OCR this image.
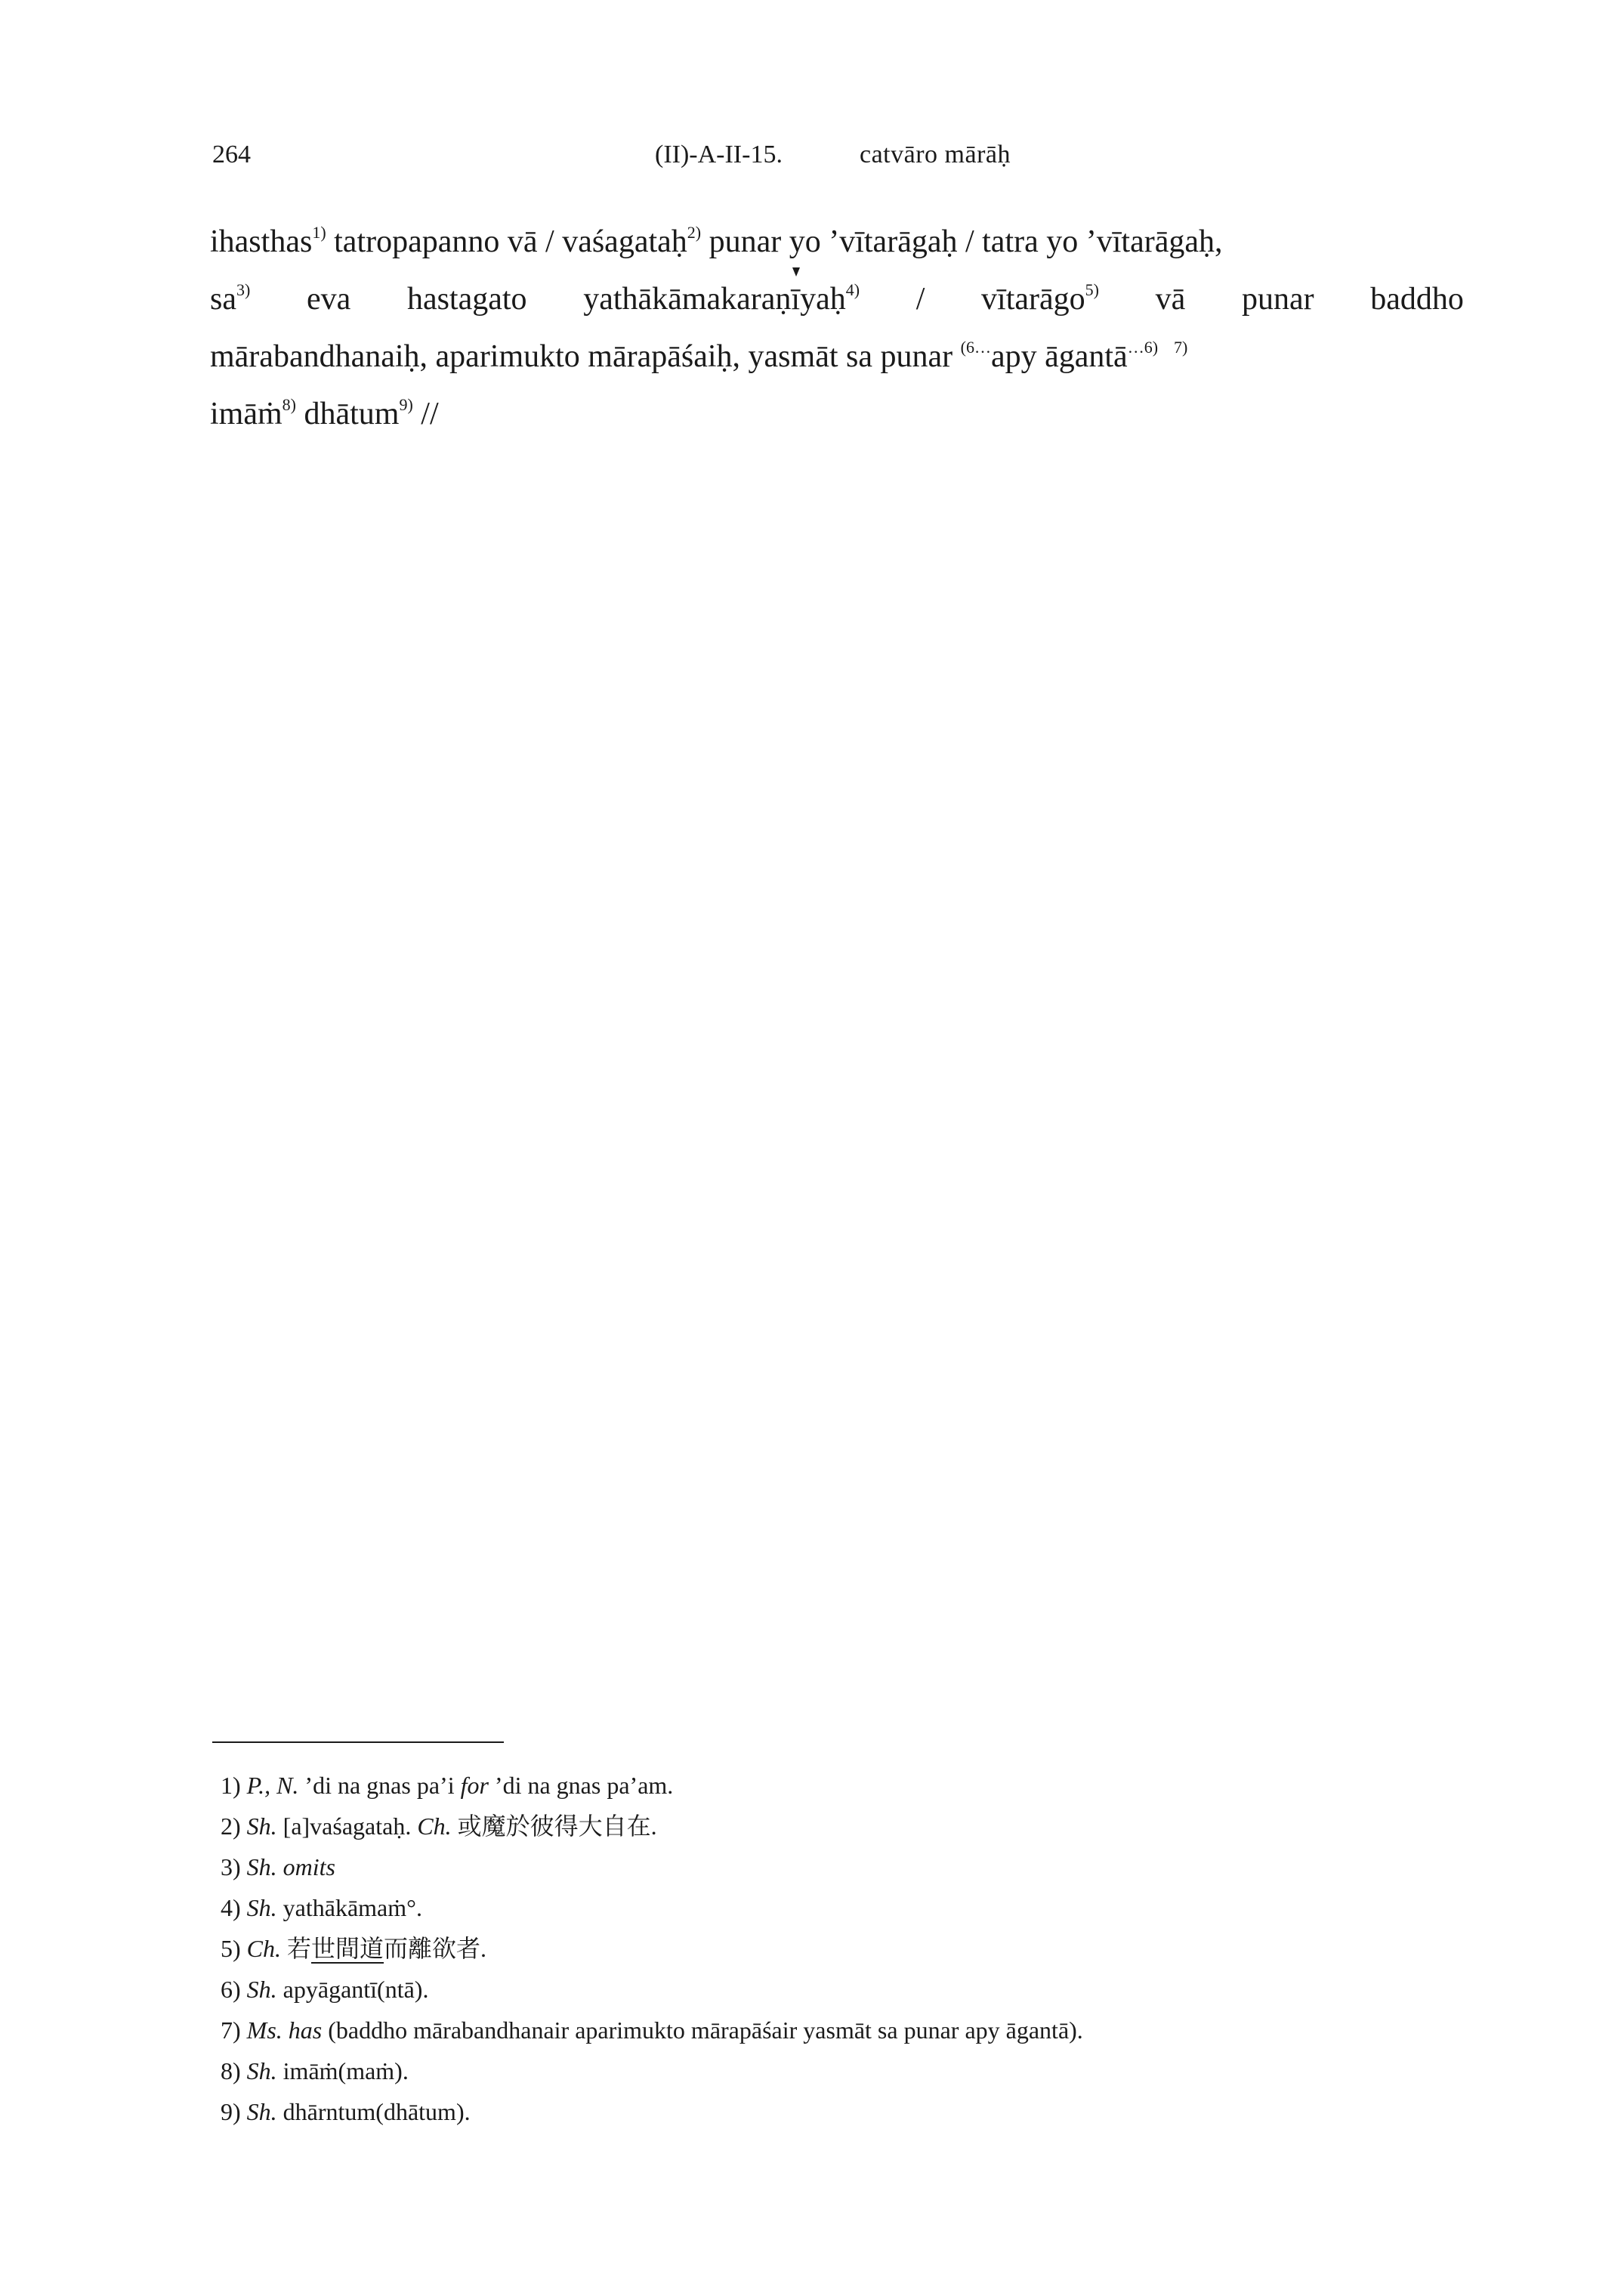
264	(II)-A-II-15.	catvāro mārāḥ
ihasthas$^{1)}$ tatropapanno vā / vaśagataḥ$^{2)}$ punar yo ’vītarāgaḥ / tatra yo ’vītarāgaḥ,
$sa^{3)}$ eva hastagato yathākāmakaraṇīyaḥ$^{4)}$ / vītarāgo$^{5)}$ vā punar baddho
mārabandhanaiḥ, aparimukto mārapāśaiḥ, yasmāt sa punar $^{(6\dots}$apy āgantā$^{\dots 6)}$ $^{7)}$
imāṁ$^{8)}$ dhātum$^{9)}$ //
1) P., N. ’di na gnas pa’i for ’di na gnas pa’am.
2) Sh. [a]vaśagataḥ. Ch. 或魔於彼得大自在.
3) Sh. omits
4) Sh. yathākāmaṁ°.
5) Ch. 若世間道而離欲者.
6) Sh. apyāgantī(ntā).
7) Ms. has (baddho mārabandhanair aparimukto mārapāśair yasmāt sa punar apy āgantā).
8) Sh. imāṁ(maṁ).
9) Sh. dhārntum(dhātum).
